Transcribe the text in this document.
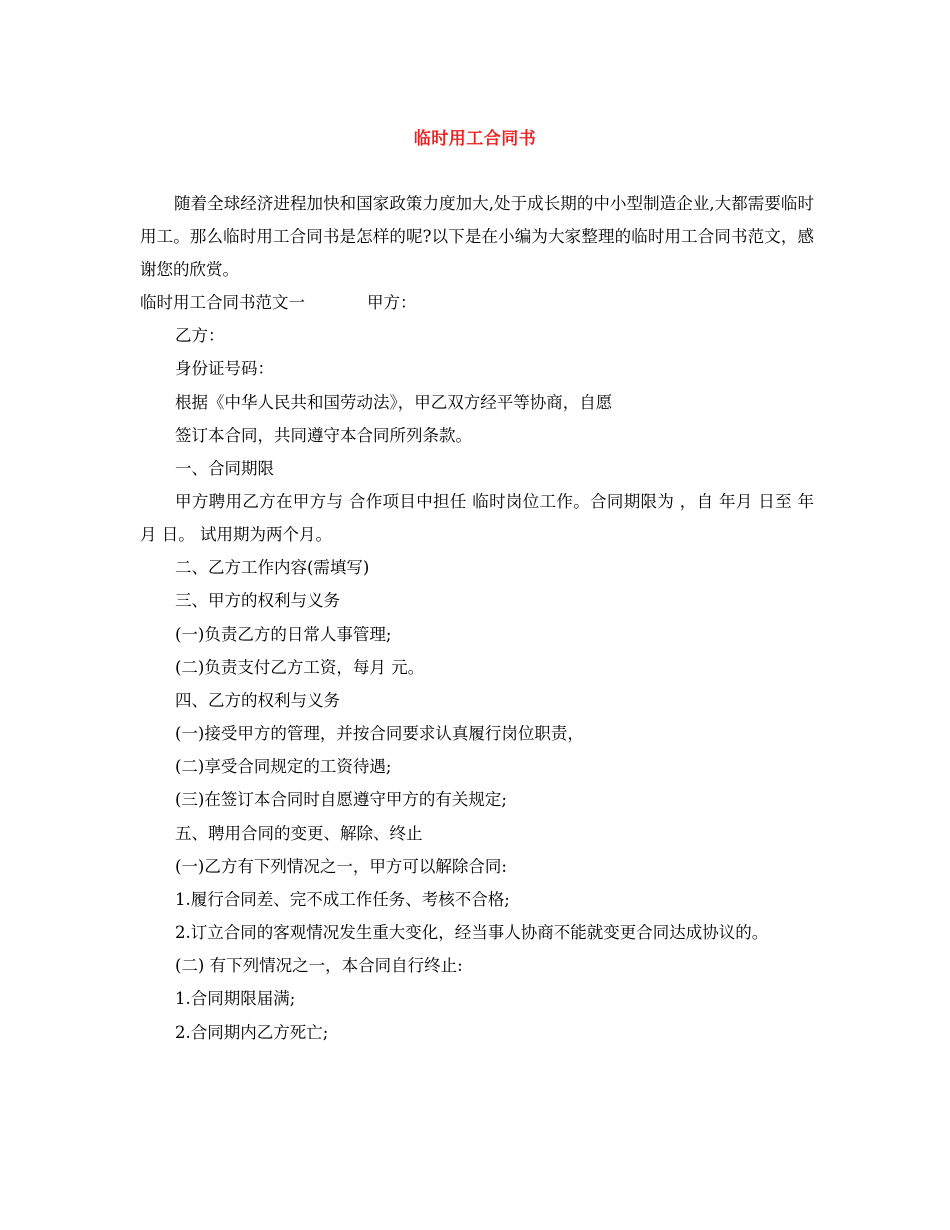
临时用工合同书

随着全球经济进程加快和国家政策力度加大,处于成长期的中小型制造企业,大都需要临时用工。那么临时用工合同书是怎样的呢?以下是在小编为大家整理的临时用工合同书范文，感谢您的欣赏。

临时用工合同书范文一	甲方：

乙方：

身份证号码：

根据《中华人民共和国劳动法》，甲乙双方经平等协商，自愿

签订本合同，共同遵守本合同所列条款。

一、合同期限

甲方聘用乙方在甲方与 合作项目中担任 临时岗位工作。合同期限为 ，自 年月 日至 年 月 日。 试用期为两个月。

二、乙方工作内容(需填写)

三、甲方的权利与义务

(一)负责乙方的日常人事管理;

(二)负责支付乙方工资，每月 元。

四、乙方的权利与义务

(一)接受甲方的管理，并按合同要求认真履行岗位职责，

(二)享受合同规定的工资待遇;

(三)在签订本合同时自愿遵守甲方的有关规定;

五、聘用合同的变更、解除、终止

(一)乙方有下列情况之一，甲方可以解除合同:

1.履行合同差、完不成工作任务、考核不合格;

2.订立合同的客观情况发生重大变化，经当事人协商不能就变更合同达成协议的。

(二) 有下列情况之一，本合同自行终止:

1.合同期限届满;

2.合同期内乙方死亡;
